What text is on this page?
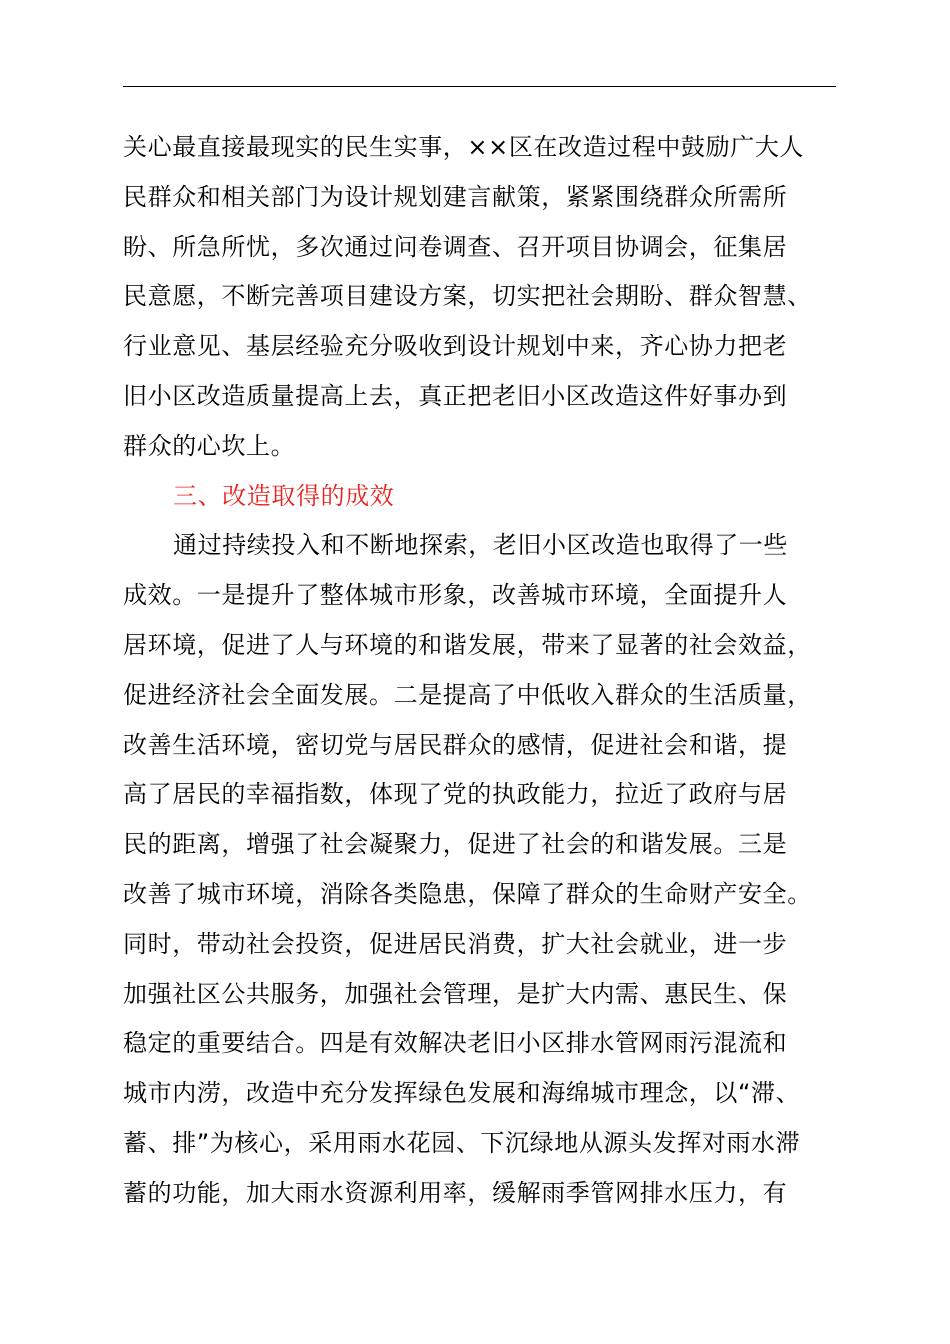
关心最直接最现实的民生实事，××区在改造过程中鼓励广大人
民群众和相关部门为设计规划建言献策，紧紧围绕群众所需所
盼、所急所忧，多次通过问卷调查、召开项目协调会，征集居
民意愿，不断完善项目建设方案，切实把社会期盼、群众智慧、
行业意见、基层经验充分吸收到设计规划中来，齐心协力把老
旧小区改造质量提高上去，真正把老旧小区改造这件好事办到
群众的心坎上。
三、改造取得的成效
通过持续投入和不断地探索，老旧小区改造也取得了一些
成效。一是提升了整体城市形象，改善城市环境，全面提升人
居环境，促进了人与环境的和谐发展，带来了显著的社会效益，
促进经济社会全面发展。二是提高了中低收入群众的生活质量，
改善生活环境，密切党与居民群众的感情，促进社会和谐，提
高了居民的幸福指数，体现了党的执政能力，拉近了政府与居
民的距离，增强了社会凝聚力，促进了社会的和谐发展。三是
改善了城市环境，消除各类隐患，保障了群众的生命财产安全。
同时，带动社会投资，促进居民消费，扩大社会就业，进一步
加强社区公共服务，加强社会管理，是扩大内需、惠民生、保
稳定的重要结合。四是有效解决老旧小区排水管网雨污混流和
城市内涝，改造中充分发挥绿色发展和海绵城市理念，以“滞、
蓄、排”为核心，采用雨水花园、下沉绿地从源头发挥对雨水滞
蓄的功能，加大雨水资源利用率，缓解雨季管网排水压力，有
